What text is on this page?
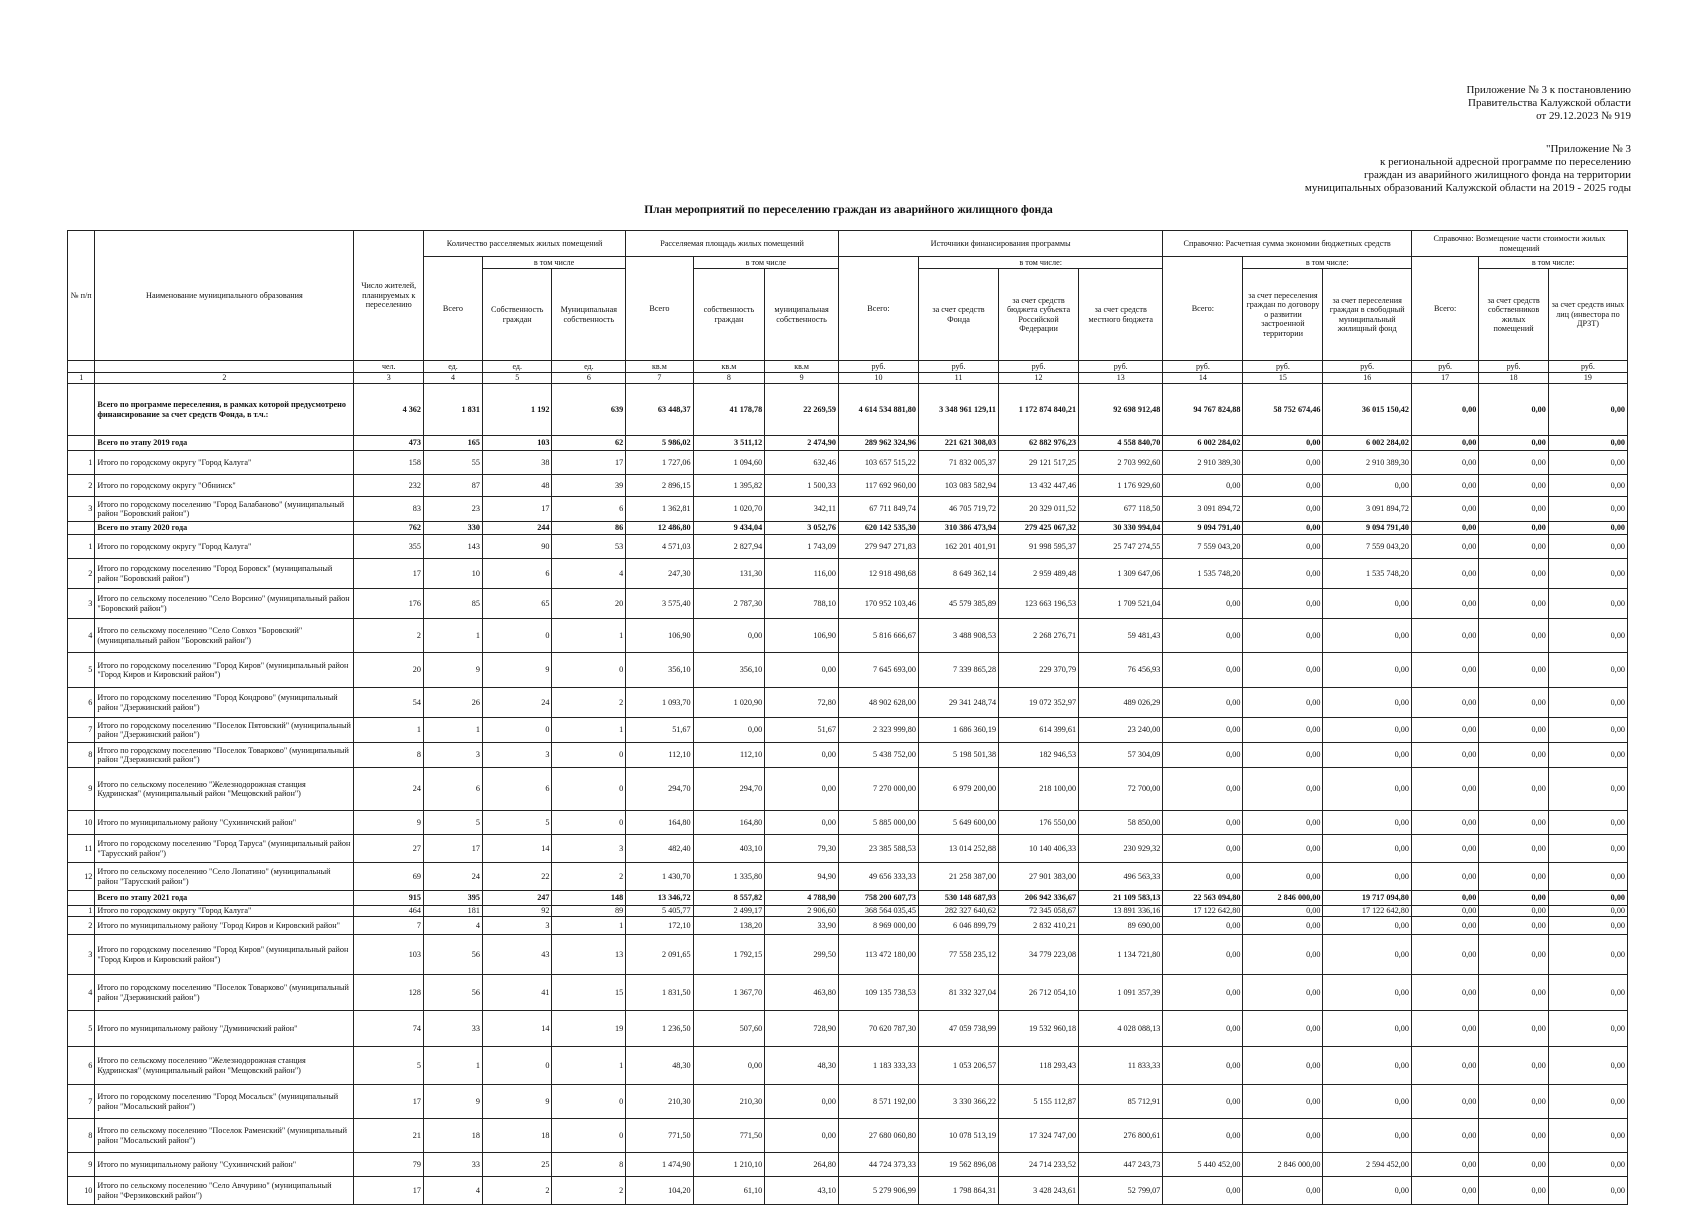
Приложение № 3 к постановлению
Правительства Калужской области
от 29.12.2023 № 919
"Приложение № 3
к региональной адресной программе по переселению
граждан из аварийного жилищного фонда на территории
муниципальных образований Калужской области на 2019 - 2025 годы
План мероприятий по переселению граждан из аварийного жилищного фонда
№ п/п	Наименование муниципального образования	Число жителей, планируемых к переселению	Количество расселяемых жилых помещений			Расселяемая площадь жилых помещений			Источники финансирования программы				Справочно: Расчетная сумма экономии бюджетных средств			Справочно: Возмещение части стоимости жилых помещений		
			Всего	в том числе		Всего	в том числе		Всего:	в том числе:			Всего:	в том числе:		Всего:	в том числе:	
				Собственность граждан	Муниципальная собственность		собственность граждан	муниципальная собственность		за счет средств Фонда	за счет средств бюджета субъекта Российской Федерации	за счет средств местного бюджета		за счет переселения граждан по договору о развитии застроенной территории	за счет переселения граждан в свободный муниципальный жилищный фонд		за счет средств собственников жилых помещений	за счет средств иных лиц (инвестора по ДРЗТ)
		чел.	ед.	ед.	ед.	кв.м	кв.м	кв.м	руб.	руб.	руб.	руб.	руб.	руб.	руб.	руб.	руб.	руб.
1	2	3	4	5	6	7	8	9	10	11	12	13	14	15	16	17	18	19
	Всего по программе переселения, в рамках которой предусмотрено финансирование за счет средств Фонда, в т.ч.:	4 362	1 831	1 192	639	63 448,37	41 178,78	22 269,59	4 614 534 881,80	3 348 961 129,11	1 172 874 840,21	92 698 912,48	94 767 824,88	58 752 674,46	36 015 150,42	0,00	0,00	0,00
	Всего по этапу 2019 года	473	165	103	62	5 986,02	3 511,12	2 474,90	289 962 324,96	221 621 308,03	62 882 976,23	4 558 840,70	6 002 284,02	0,00	6 002 284,02	0,00	0,00	0,00
1	Итого по городскому округу "Город Калуга"	158	55	38	17	1 727,06	1 094,60	632,46	103 657 515,22	71 832 005,37	29 121 517,25	2 703 992,60	2 910 389,30	0,00	2 910 389,30	0,00	0,00	0,00
2	Итого по городскому округу "Обнинск"	232	87	48	39	2 896,15	1 395,82	1 500,33	117 692 960,00	103 083 582,94	13 432 447,46	1 176 929,60	0,00	0,00	0,00	0,00	0,00	0,00
3	Итого по городскому поселению "Город Балабаново" (муниципальный район "Боровский район")	83	23	17	6	1 362,81	1 020,70	342,11	67 711 849,74	46 705 719,72	20 329 011,52	677 118,50	3 091 894,72	0,00	3 091 894,72	0,00	0,00	0,00
	Всего по этапу 2020 года	762	330	244	86	12 486,80	9 434,04	3 052,76	620 142 535,30	310 386 473,94	279 425 067,32	30 330 994,04	9 094 791,40	0,00	9 094 791,40	0,00	0,00	0,00
1	Итого по городскому округу "Город Калуга"	355	143	90	53	4 571,03	2 827,94	1 743,09	279 947 271,83	162 201 401,91	91 998 595,37	25 747 274,55	7 559 043,20	0,00	7 559 043,20	0,00	0,00	0,00
2	Итого по городскому поселению "Город Боровск" (муниципальный район "Боровский район")	17	10	6	4	247,30	131,30	116,00	12 918 498,68	8 649 362,14	2 959 489,48	1 309 647,06	1 535 748,20	0,00	1 535 748,20	0,00	0,00	0,00
3	Итого по сельскому поселению "Село Ворсино" (муниципальный район "Боровский район")	176	85	65	20	3 575,40	2 787,30	788,10	170 952 103,46	45 579 385,89	123 663 196,53	1 709 521,04	0,00	0,00	0,00	0,00	0,00	0,00
4	Итого по сельскому поселению "Село Совхоз "Боровский" (муниципальный район "Боровский район")	2	1	0	1	106,90	0,00	106,90	5 816 666,67	3 488 908,53	2 268 276,71	59 481,43	0,00	0,00	0,00	0,00	0,00	0,00
5	Итого по городскому поселению "Город Киров" (муниципальный район "Город Киров и Кировский район")	20	9	9	0	356,10	356,10	0,00	7 645 693,00	7 339 865,28	229 370,79	76 456,93	0,00	0,00	0,00	0,00	0,00	0,00
6	Итого по городскому поселению "Город Кондрово" (муниципальный район "Дзержинский район")	54	26	24	2	1 093,70	1 020,90	72,80	48 902 628,00	29 341 248,74	19 072 352,97	489 026,29	0,00	0,00	0,00	0,00	0,00	0,00
7	Итого по городскому поселению "Поселок Пятовский" (муниципальный район "Дзержинский район")	1	1	0	1	51,67	0,00	51,67	2 323 999,80	1 686 360,19	614 399,61	23 240,00	0,00	0,00	0,00	0,00	0,00	0,00
8	Итого по городскому поселению "Поселок Товарково" (муниципальный район "Дзержинский район")	8	3	3	0	112,10	112,10	0,00	5 438 752,00	5 198 501,38	182 946,53	57 304,09	0,00	0,00	0,00	0,00	0,00	0,00
9	Итого по сельскому поселению "Железнодорожная станция Кудринская" (муниципальный район "Мещовский район")	24	6	6	0	294,70	294,70	0,00	7 270 000,00	6 979 200,00	218 100,00	72 700,00	0,00	0,00	0,00	0,00	0,00	0,00
10	Итого по муниципальному району "Сухиничский район"	9	5	5	0	164,80	164,80	0,00	5 885 000,00	5 649 600,00	176 550,00	58 850,00	0,00	0,00	0,00	0,00	0,00	0,00
11	Итого по городскому поселению "Город Таруса" (муниципальный район "Тарусский район")	27	17	14	3	482,40	403,10	79,30	23 385 588,53	13 014 252,88	10 140 406,33	230 929,32	0,00	0,00	0,00	0,00	0,00	0,00
12	Итого по сельскому поселению "Село Лопатино" (муниципальный район "Тарусский район")	69	24	22	2	1 430,70	1 335,80	94,90	49 656 333,33	21 258 387,00	27 901 383,00	496 563,33	0,00	0,00	0,00	0,00	0,00	0,00
	Всего по этапу 2021 года	915	395	247	148	13 346,72	8 557,82	4 788,90	758 200 607,73	530 148 687,93	206 942 336,67	21 109 583,13	22 563 094,80	2 846 000,00	19 717 094,80	0,00	0,00	0,00
1	Итого по городскому округу "Город Калуга"	464	181	92	89	5 405,77	2 499,17	2 906,60	368 564 035,45	282 327 640,62	72 345 058,67	13 891 336,16	17 122 642,80	0,00	17 122 642,80	0,00	0,00	0,00
2	Итого по муниципальному району "Город Киров и Кировский район"	7	4	3	1	172,10	138,20	33,90	8 969 000,00	6 046 899,79	2 832 410,21	89 690,00	0,00	0,00	0,00	0,00	0,00	0,00
3	Итого по городскому поселению "Город Киров" (муниципальный район "Город Киров и Кировский район")	103	56	43	13	2 091,65	1 792,15	299,50	113 472 180,00	77 558 235,12	34 779 223,08	1 134 721,80	0,00	0,00	0,00	0,00	0,00	0,00
4	Итого по городскому поселению "Поселок Товарково" (муниципальный район "Дзержинский район")	128	56	41	15	1 831,50	1 367,70	463,80	109 135 738,53	81 332 327,04	26 712 054,10	1 091 357,39	0,00	0,00	0,00	0,00	0,00	0,00
5	Итого по муниципальному району "Думиничский район"	74	33	14	19	1 236,50	507,60	728,90	70 620 787,30	47 059 738,99	19 532 960,18	4 028 088,13	0,00	0,00	0,00	0,00	0,00	0,00
6	Итого по сельскому поселению "Железнодорожная станция Кудринская" (муниципальный район "Мещовский район")	5	1	0	1	48,30	0,00	48,30	1 183 333,33	1 053 206,57	118 293,43	11 833,33	0,00	0,00	0,00	0,00	0,00	0,00
7	Итого по городскому поселению "Город Мосальск" (муниципальный район "Мосальский район")	17	9	9	0	210,30	210,30	0,00	8 571 192,00	3 330 366,22	5 155 112,87	85 712,91	0,00	0,00	0,00	0,00	0,00	0,00
8	Итого по сельскому поселению "Поселок Раменский" (муниципальный район "Мосальский район")	21	18	18	0	771,50	771,50	0,00	27 680 060,80	10 078 513,19	17 324 747,00	276 800,61	0,00	0,00	0,00	0,00	0,00	0,00
9	Итого по муниципальному району "Сухиничский район"	79	33	25	8	1 474,90	1 210,10	264,80	44 724 373,33	19 562 896,08	24 714 233,52	447 243,73	5 440 452,00	2 846 000,00	2 594 452,00	0,00	0,00	0,00
10	Итого по сельскому поселению "Село Авчурино" (муниципальный район "Ферзиковский район")	17	4	2	2	104,20	61,10	43,10	5 279 906,99	1 798 864,31	3 428 243,61	52 799,07	0,00	0,00	0,00	0,00	0,00	0,00
